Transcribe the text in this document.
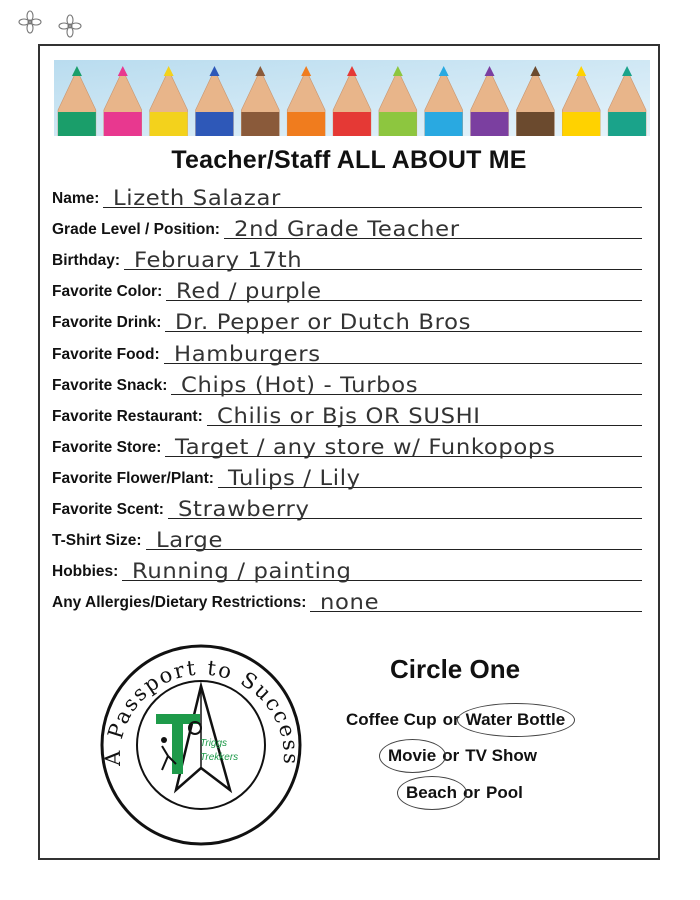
Teacher/Staff ALL ABOUT ME
Name: Lizeth Salazar
Grade Level / Position: 2nd Grade Teacher
Birthday: February 17th
Favorite Color: Red / purple
Favorite Drink: Dr. Pepper or Dutch Bros
Favorite Food: Hamburgers
Favorite Snack: Chips (Hot) - Turbos
Favorite Restaurant: Chilis or Bjs OR SUSHI
Favorite Store: Target / any store w/ Funkopops
Favorite Flower/Plant: Tulips / Lily
Favorite Scent: Strawberry
T-Shirt Size: Large
Hobbies: Running / painting
Any Allergies/Dietary Restrictions: none
A Passport to Success
Triggs
Trekkers
Circle One
Coffee Cup or Water Bottle
Movie or TV Show
Beach or Pool
